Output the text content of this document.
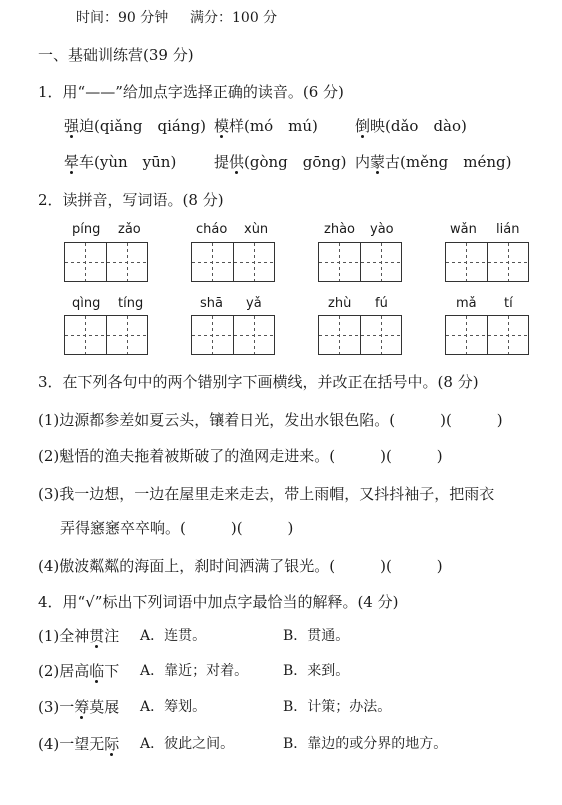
时间：90 分钟 满分：100 分
一、基础训练营(39 分)
1．用“——”给加点字选择正确的读音。(6 分)
强迫(qiǎng　qiáng) 模样(mó　mú) 倒映(dǎo　dào)
晕车(yùn　yūn)	提供(gòng　gōng) 内蒙古(měng　méng)
2．读拼音，写词语。(8 分)
píng zǎo	cháo xùn	zhào yào	wǎn lián
qìng tíng	shā yǎ	zhù fú	mǎ tí
3．在下列各句中的两个错别字下画横线，并改正在括号中。(8 分)
(1)边源都参差如夏云头，镶着日光，发出水银色陷。(　　　)(　　　)
(2)魁悟的渔夫拖着被斯破了的渔网走进来。(　　　)(　　　)
(3)我一边想，一边在屋里走来走去，带上雨帽，又抖抖袖子，把雨衣
弄得窸窸卒卒响。(　　　)(　　　)
(4)傲波粼粼的海面上，刹时间洒满了银光。(　　　)(　　　)
4．用“√”标出下列词语中加点字最恰当的解释。(4 分)
(1)全神贯注 A．连贯。	B．贯通。
(2)居高临下 A．靠近；对着。 B．来到。
(3)一筹莫展 A．筹划。	B．计策；办法。
(4)一望无际 A．彼此之间。	B．靠边的或分界的地方。
